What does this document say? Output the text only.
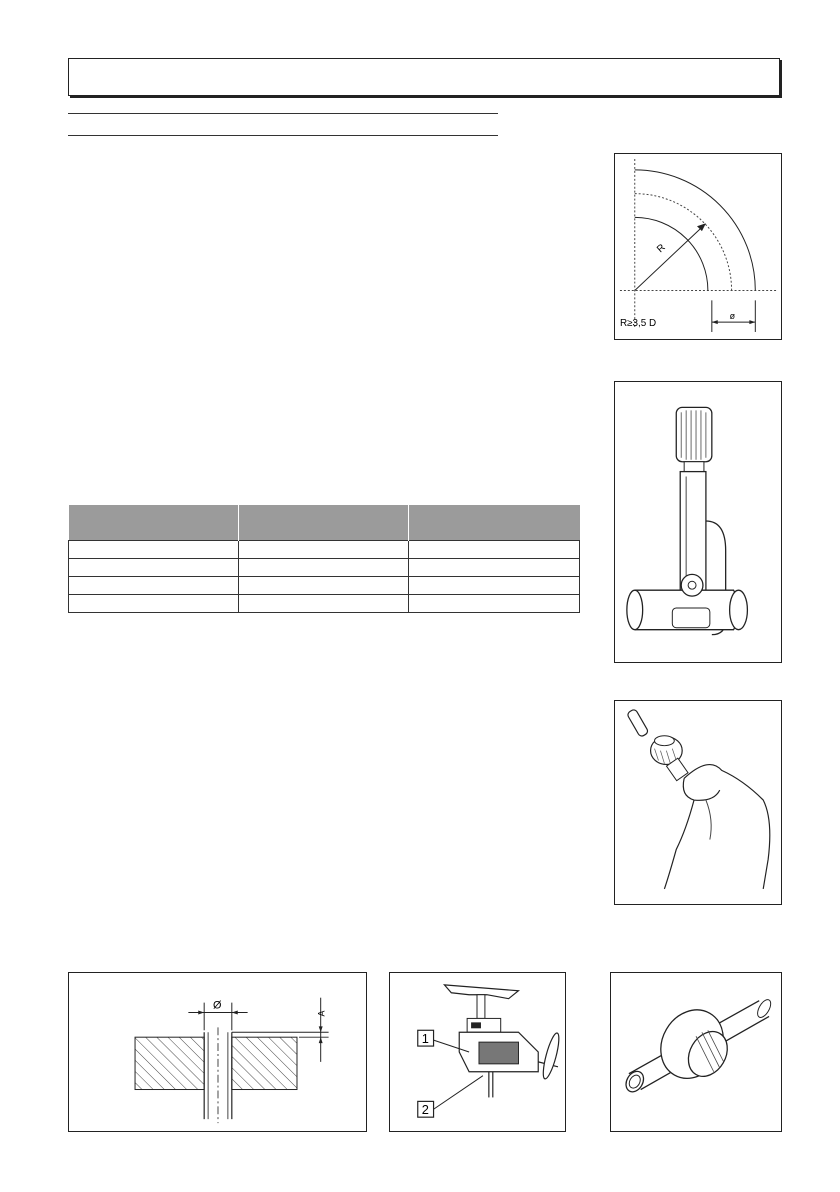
R
R≥3,5 D
ø

Ø
A
1
2
